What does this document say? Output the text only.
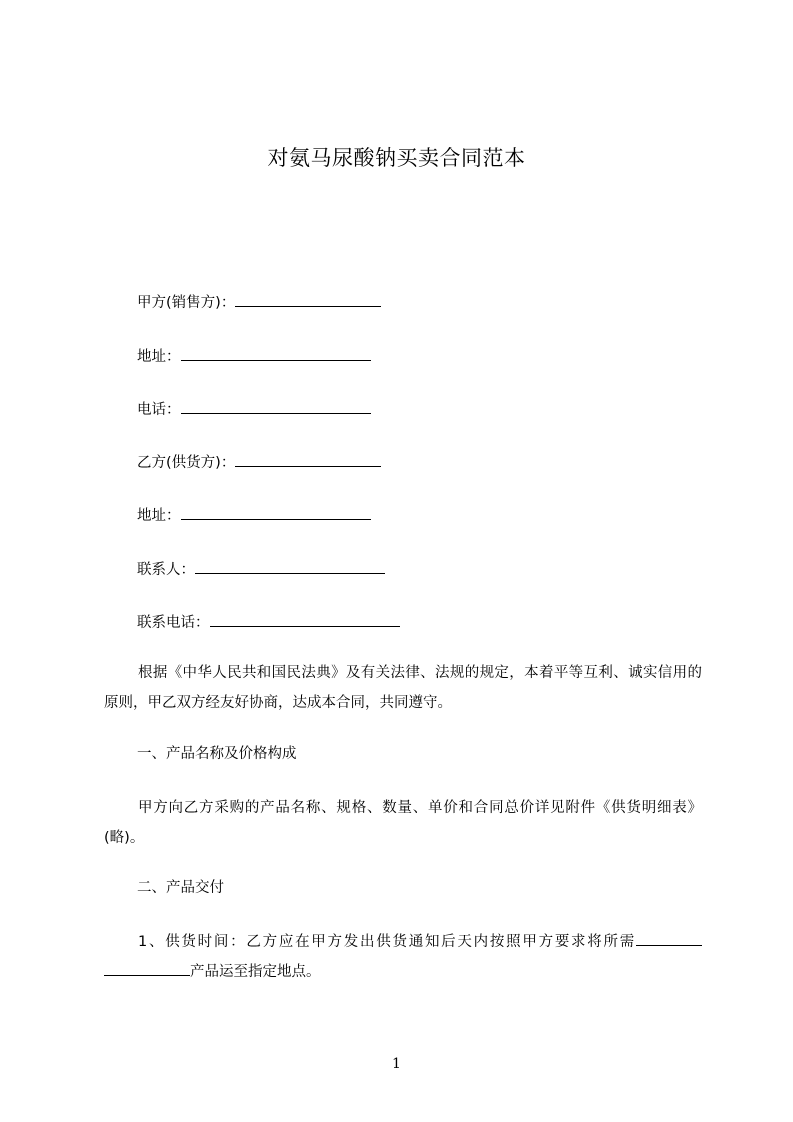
对氨马尿酸钠买卖合同范本
甲方(销售方)：
地址：
电话：
乙方(供货方)：
地址：
联系人：
联系电话：
根据《中华人民共和国民法典》及有关法律、法规的规定，本着平等互利、诚实信用的原则，甲乙双方经友好协商，达成本合同，共同遵守。
一、产品名称及价格构成
甲方向乙方采购的产品名称、规格、数量、单价和合同总价详见附件《供货明细表》(略)。
二、产品交付
1、供货时间：乙方应在甲方发出供货通知后天内按照甲方要求将所需产品运至指定地点。
1
